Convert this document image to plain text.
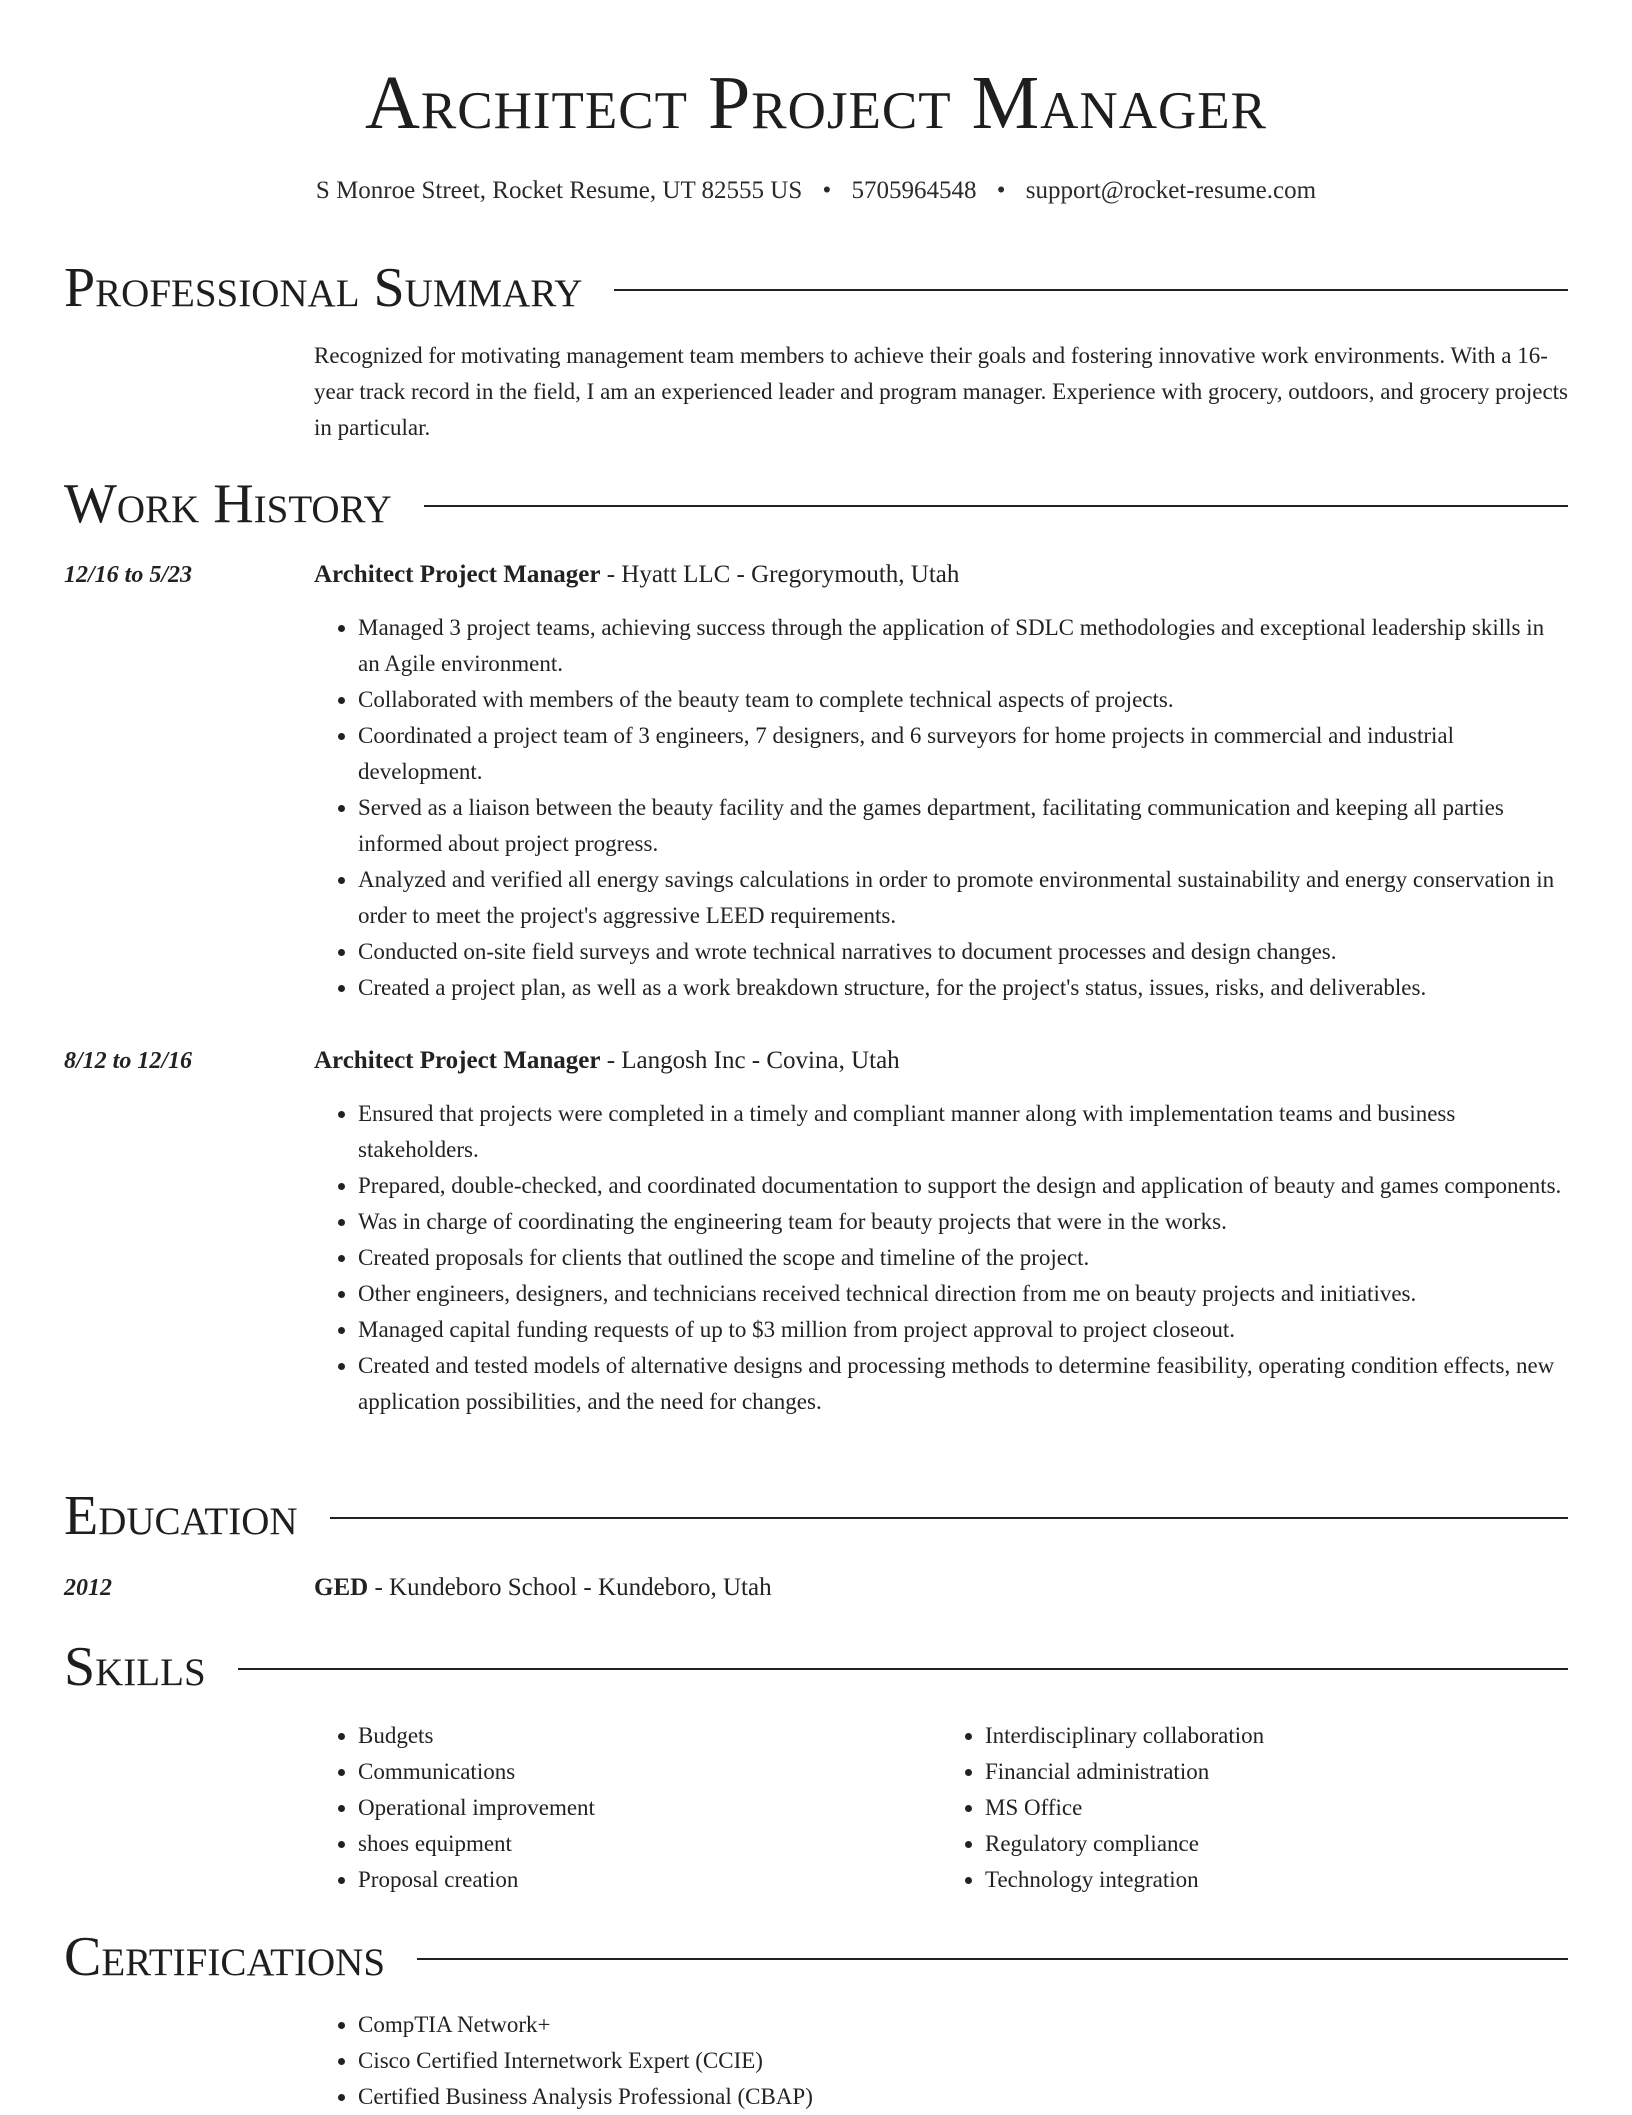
Architect Project Manager
S Monroe Street, Rocket Resume, UT 82555 US • 5705964548 • support@rocket-resume.com
Professional Summary
Recognized for motivating management team members to achieve their goals and fostering innovative work environments. With a 16-year track record in the field, I am an experienced leader and program manager. Experience with grocery, outdoors, and grocery projects in particular.
Work History
12/16 to 5/23	Architect Project Manager - Hyatt LLC - Gregorymouth, Utah
• Managed 3 project teams, achieving success through the application of SDLC methodologies and exceptional leadership skills in an Agile environment.
• Collaborated with members of the beauty team to complete technical aspects of projects.
• Coordinated a project team of 3 engineers, 7 designers, and 6 surveyors for home projects in commercial and industrial development.
• Served as a liaison between the beauty facility and the games department, facilitating communication and keeping all parties informed about project progress.
• Analyzed and verified all energy savings calculations in order to promote environmental sustainability and energy conservation in order to meet the project's aggressive LEED requirements.
• Conducted on-site field surveys and wrote technical narratives to document processes and design changes.
• Created a project plan, as well as a work breakdown structure, for the project's status, issues, risks, and deliverables.
8/12 to 12/16	Architect Project Manager - Langosh Inc - Covina, Utah
• Ensured that projects were completed in a timely and compliant manner along with implementation teams and business stakeholders.
• Prepared, double-checked, and coordinated documentation to support the design and application of beauty and games components.
• Was in charge of coordinating the engineering team for beauty projects that were in the works.
• Created proposals for clients that outlined the scope and timeline of the project.
• Other engineers, designers, and technicians received technical direction from me on beauty projects and initiatives.
• Managed capital funding requests of up to $3 million from project approval to project closeout.
• Created and tested models of alternative designs and processing methods to determine feasibility, operating condition effects, new application possibilities, and the need for changes.
Education
2012	GED - Kundeboro School - Kundeboro, Utah
Skills
• Budgets
• Communications
• Operational improvement
• shoes equipment
• Proposal creation
• Interdisciplinary collaboration
• Financial administration
• MS Office
• Regulatory compliance
• Technology integration
Certifications
• CompTIA Network+
• Cisco Certified Internetwork Expert (CCIE)
• Certified Business Analysis Professional (CBAP)
